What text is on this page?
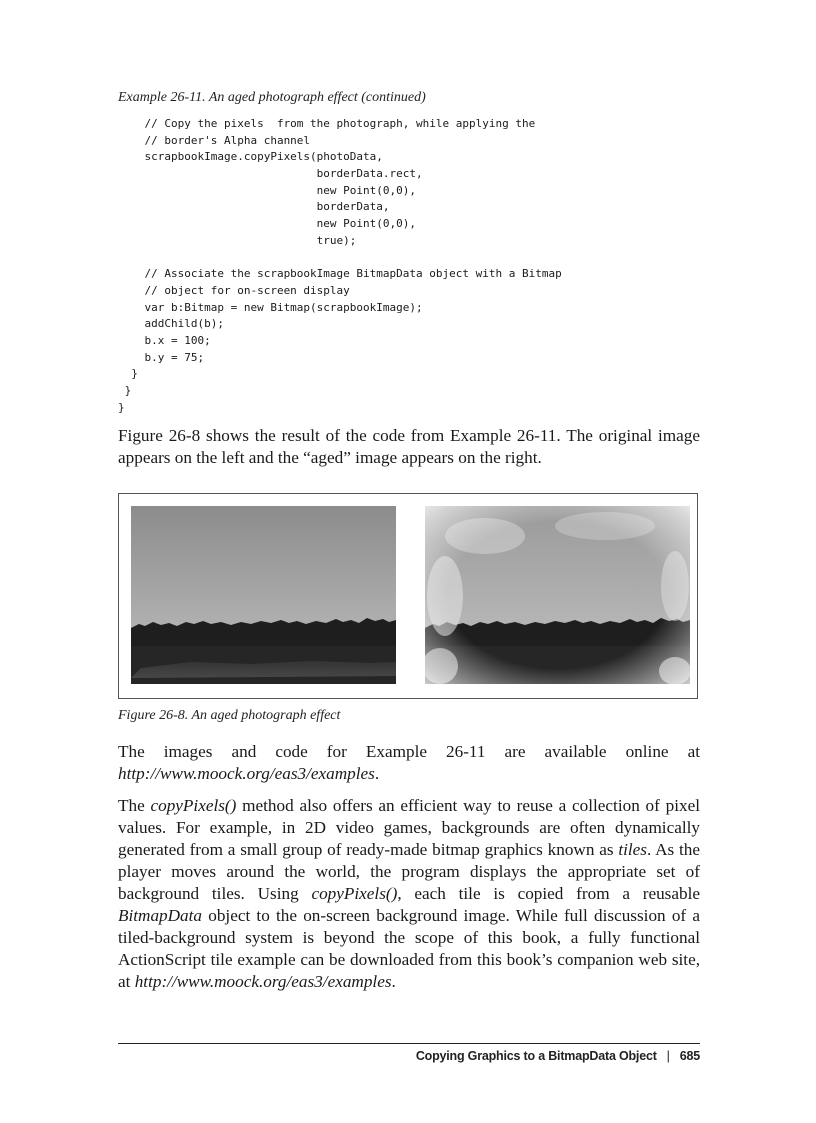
Example 26-11. An aged photograph effect (continued)
// Copy the pixels  from the photograph, while applying the
// border's Alpha channel
scrapbookImage.copyPixels(photoData,
borderData.rect,
new Point(0,0),
borderData,
new Point(0,0),
true);
// Associate the scrapbookImage BitmapData object with a Bitmap
// object for on-screen display
var b:Bitmap = new Bitmap(scrapbookImage);
addChild(b);
b.x = 100;
b.y = 75;
}
}
}

Figure 26-8 shows the result of the code from Example 26-11. The original image appears on the left and the “aged” image appears on the right.

Figure 26-8. An aged photograph effect

The images and code for Example 26-11 are available online at http://www.moock.org/eas3/examples.

The copyPixels() method also offers an efficient way to reuse a collection of pixel values. For example, in 2D video games, backgrounds are often dynamically generated from a small group of ready-made bitmap graphics known as tiles. As the player moves around the world, the program displays the appropriate set of background tiles. Using copyPixels(), each tile is copied from a reusable BitmapData object to the on-screen background image. While full discussion of a tiled-background system is beyond the scope of this book, a fully functional ActionScript tile example can be downloaded from this book’s companion web site, at http://www.moock.org/eas3/examples.

Copying Graphics to a BitmapData Object | 685
